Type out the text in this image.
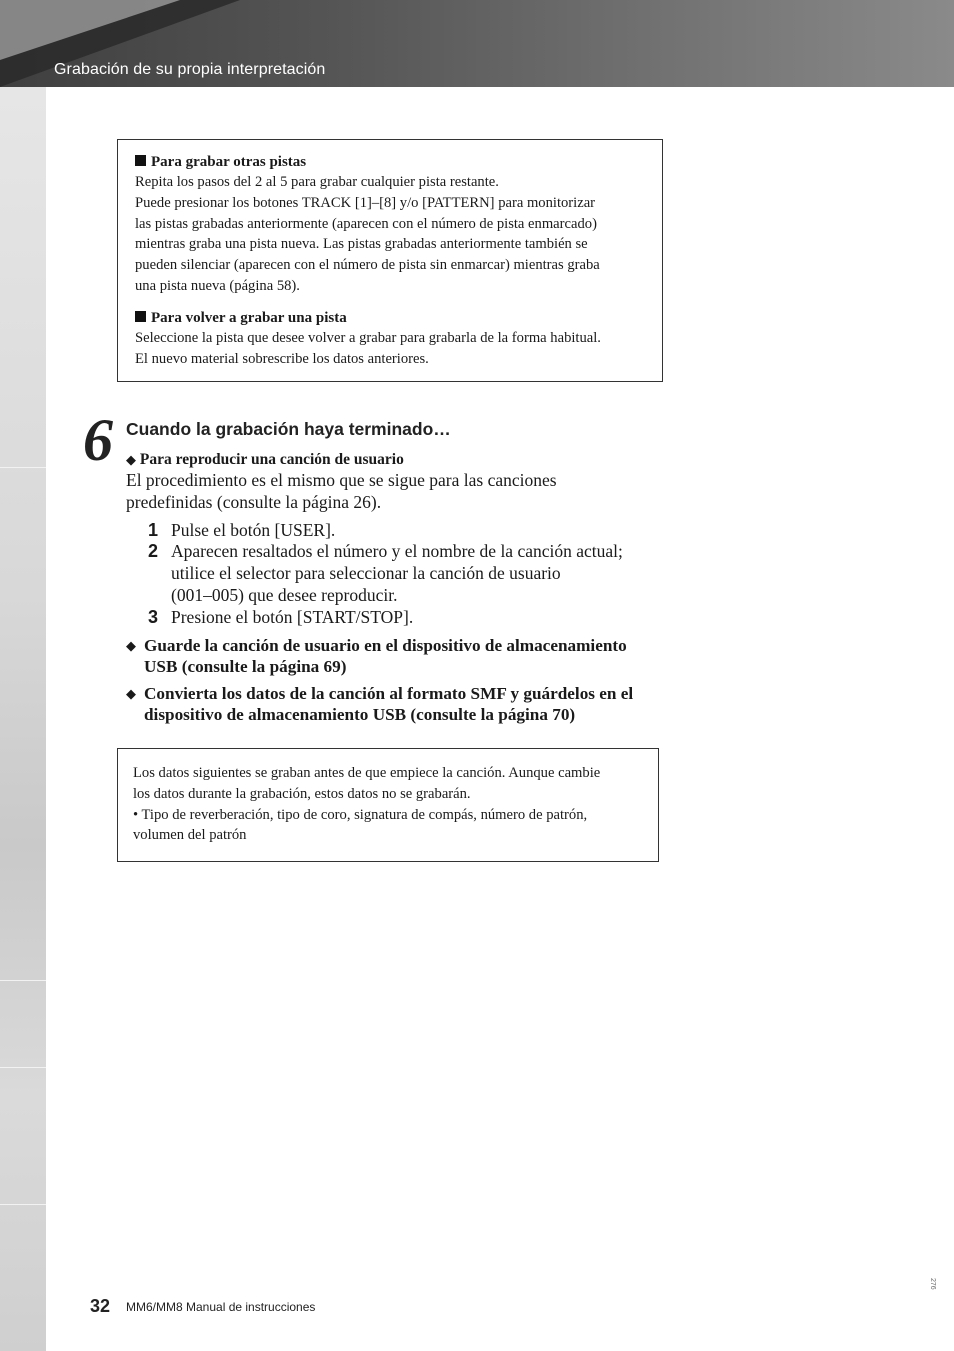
Grabación de su propia interpretación

Para grabar otras pistas

Repita los pasos del 2 al 5 para grabar cualquier pista restante.

Puede presionar los botones TRACK [1]–[8] y/o [PATTERN] para monitorizar

las pistas grabadas anteriormente (aparecen con el número de pista enmarcado)

mientras graba una pista nueva. Las pistas grabadas anteriormente también se

pueden silenciar (aparecen con el número de pista sin enmarcar) mientras graba

una pista nueva (página 58).

Para volver a grabar una pista

Seleccione la pista que desee volver a grabar para grabarla de la forma habitual.

El nuevo material sobrescribe los datos anteriores.

6 Cuando la grabación haya terminado…

◆ Para reproducir una canción de usuario

El procedimiento es el mismo que se sigue para las canciones

predefinidas (consulte la página 26).

1 Pulse el botón [USER].
2 Aparecen resaltados el número y el nombre de la canción actual;
utilice el selector para seleccionar la canción de usuario
(001–005) que desee reproducir.
3 Presione el botón [START/STOP].
◆ Guarde la canción de usuario en el dispositivo de almacenamiento
USB (consulte la página 69)
◆ Convierta los datos de la canción al formato SMF y guárdelos en el
dispositivo de almacenamiento USB (consulte la página 70)

Los datos siguientes se graban antes de que empiece la canción. Aunque cambie

los datos durante la grabación, estos datos no se grabarán.

• Tipo de reverberación, tipo de coro, signatura de compás, número de patrón,

volumen del patrón

32 MM6/MM8 Manual de instrucciones
276
